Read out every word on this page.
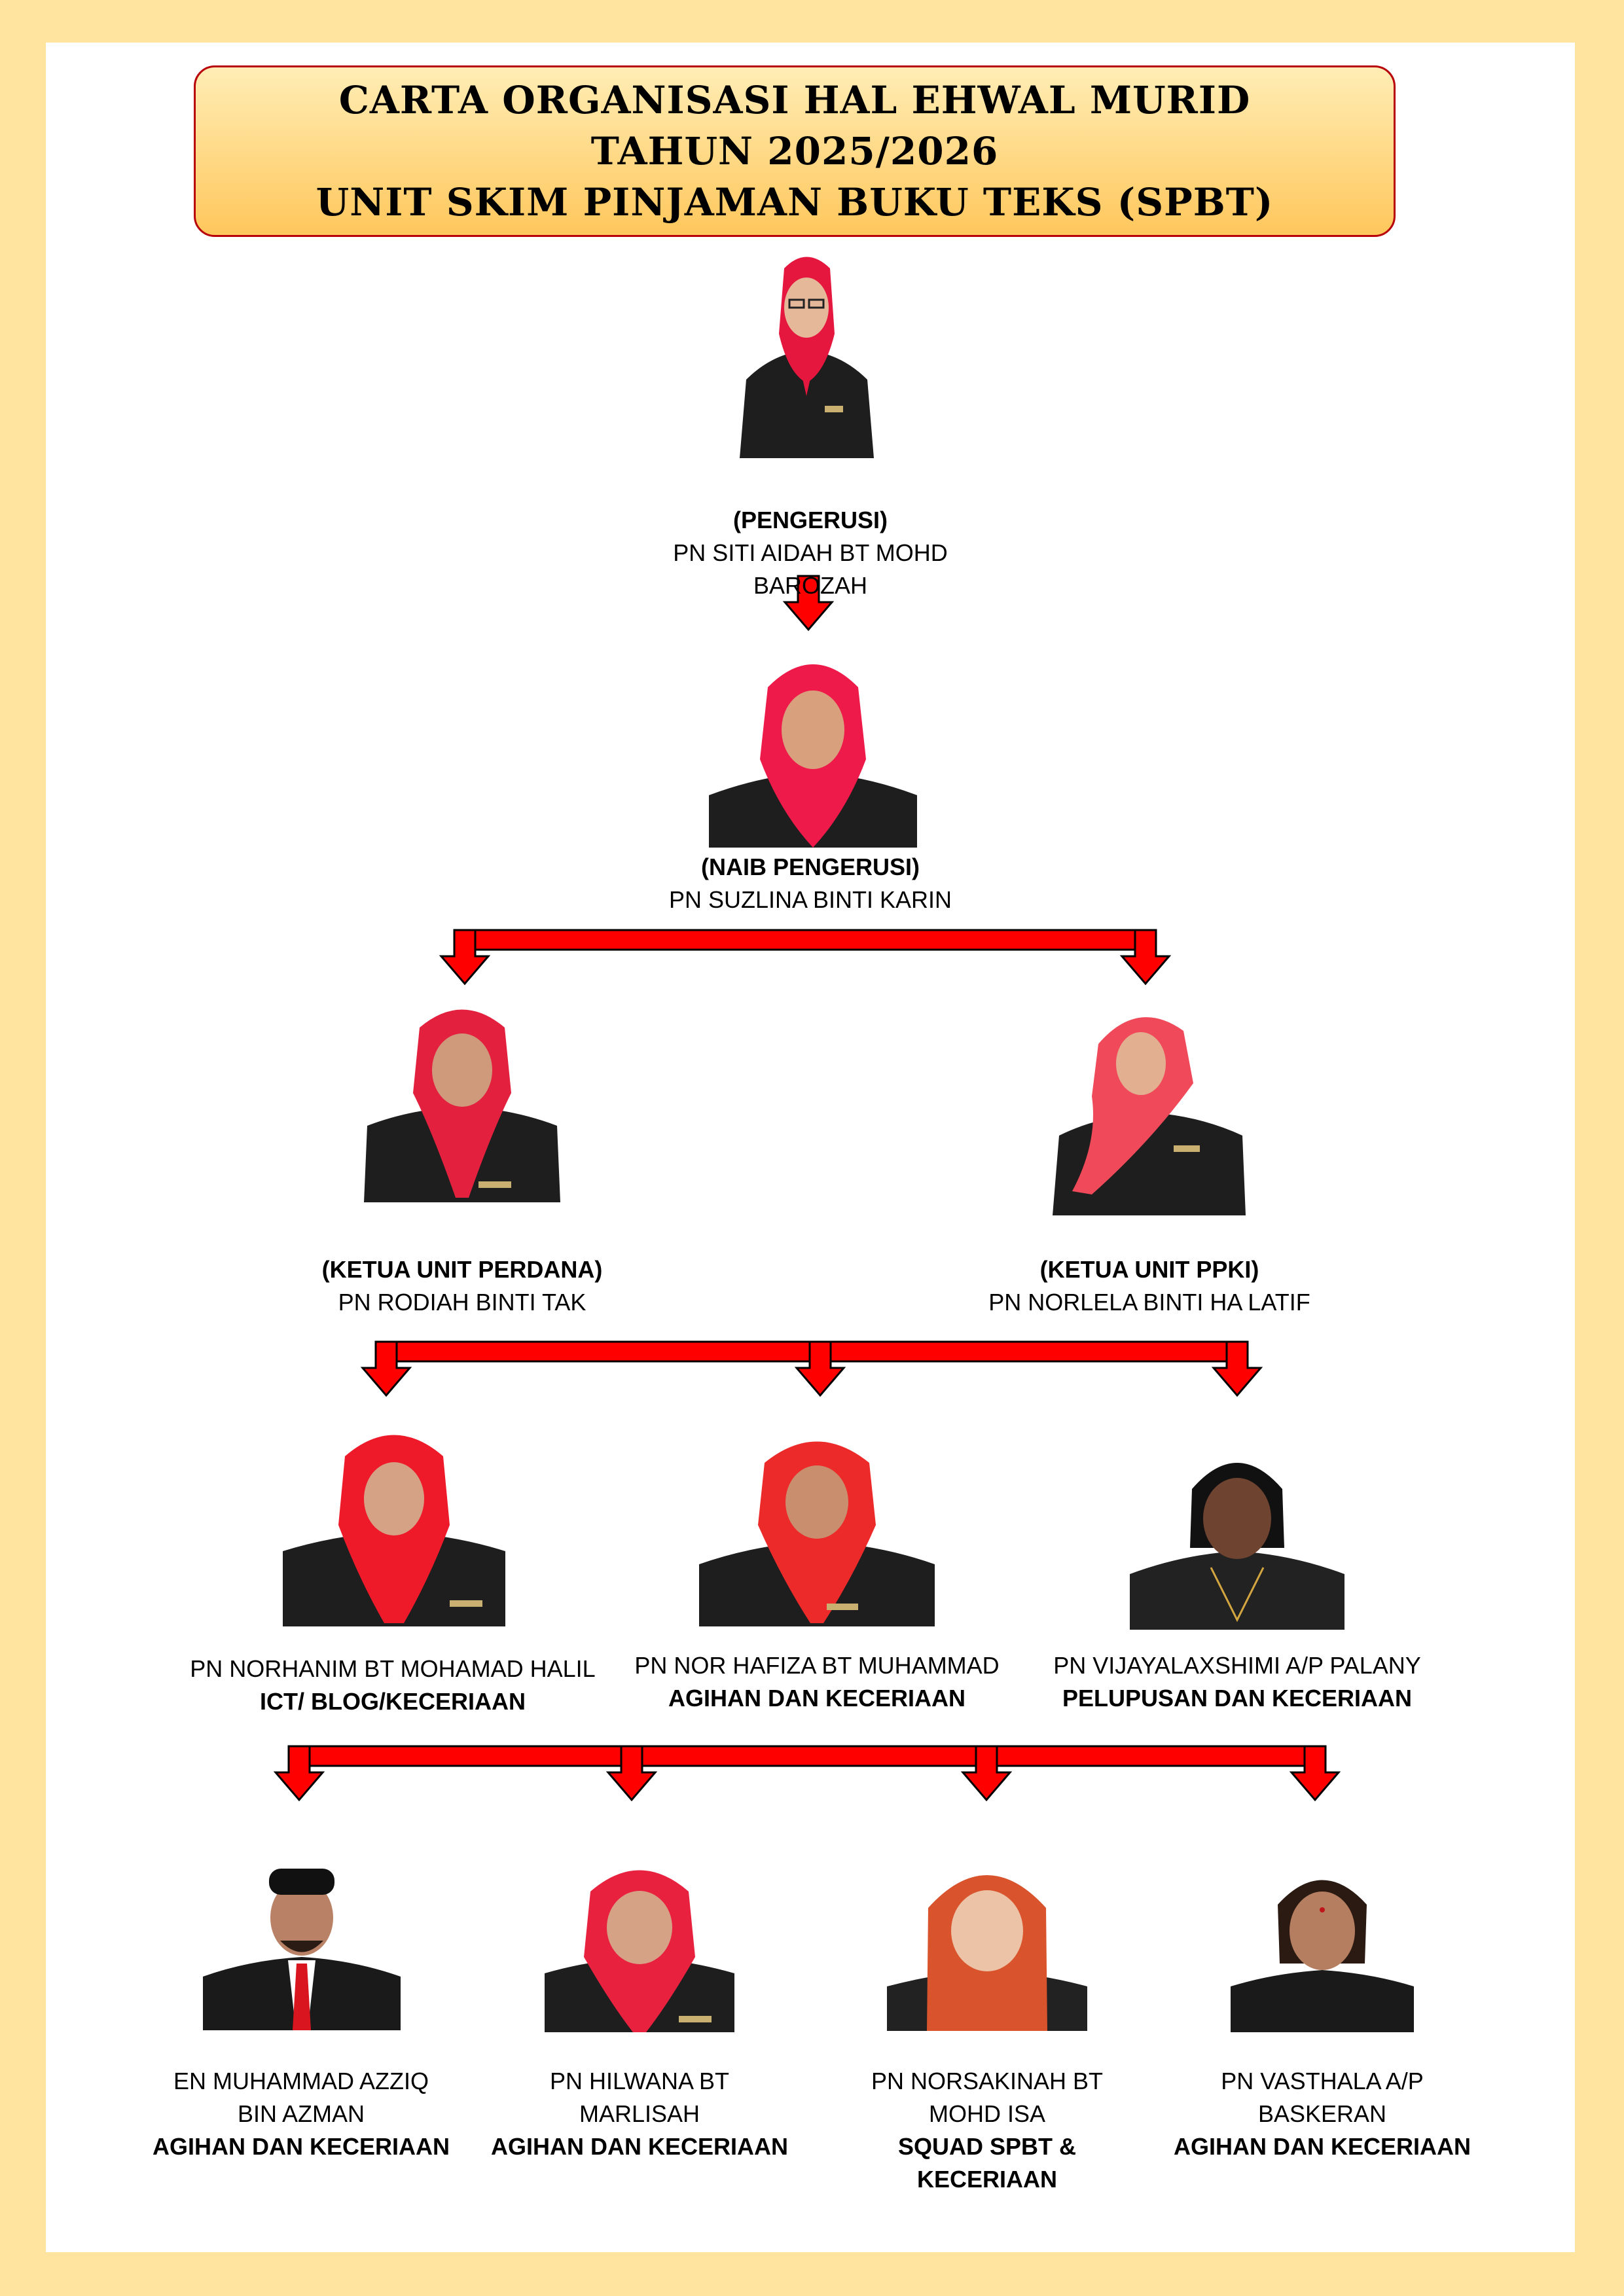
CARTA ORGANISASI HAL EHWAL MURID
TAHUN 2025/2026
UNIT SKIM PINJAMAN BUKU TEKS (SPBT)
(PENGERUSI)
PN SITI AIDAH BT MOHD BAROZAH
(NAIB PENGERUSI)
PN SUZLINA BINTI KARIN
(KETUA UNIT PERDANA)
PN RODIAH BINTI TAK
(KETUA UNIT PPKI)
PN NORLELA BINTI HA LATIF
PN NORHANIM BT MOHAMAD HALIL
ICT/ BLOG/KECERIAAN
PN NOR HAFIZA BT MUHAMMAD
AGIHAN DAN KECERIAAN
PN VIJAYALAXSHIMI A/P PALANY
PELUPUSAN DAN KECERIAAN
EN MUHAMMAD AZZIQ
BIN AZMAN
AGIHAN DAN KECERIAAN
PN HILWANA BT
MARLISAH
AGIHAN DAN KECERIAAN
PN NORSAKINAH BT
MOHD ISA
SQUAD SPBT & KECERIAAN
PN VASTHALA A/P
BASKERAN
AGIHAN DAN KECERIAAN
